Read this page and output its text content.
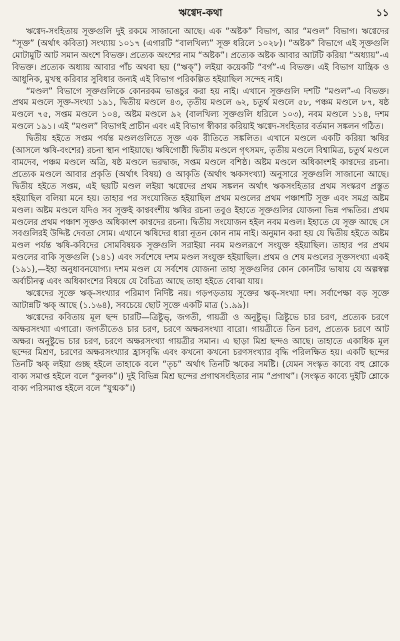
ঋগ্বেদ-কথা	১১

ঋগ্বেদ-সংহিতায় সূক্তগুলি দুই রকমে সাজানো আছে। এক “অষ্টক” বিভাগ, আর “মণ্ডল” বিভাগ। ঋগ্বেদের “সূক্ত” (অর্থাৎ কবিতা) সংখ্যায় ১০১৭ (এগারটি “বালখিল্য” সূক্ত ধরিলে ১০২৮)। “অষ্টক” বিভাগে এই সূক্তগুলি মোটামুটি আট সমান অংশে বিভক্ত। প্রত্যেক অংশের নাম “অষ্টক”। প্রত্যেক অষ্টক আবার আটটি করিয়া “অধ্যায়”-এ বিভক্ত। প্রত্যেক অধ্যায় আবার পাঁচ অথবা ছয় (“ঋক্”) লইয়া কয়েকটি “বর্গ”-এ বিভক্ত। এই বিভাগ যান্ত্রিক ও আধুনিক, মুখস্থ করিবার সুবিধার জন্যই এই বিভাগ পরিকল্পিত হইয়াছিল সন্দেহ নাই।

“মণ্ডল” বিভাগে সূক্তগুলিকে কোনরকম ভাঙচুর করা হয় নাই। এখানে সূক্তগুলি দশটি “মণ্ডল”-এ বিভক্ত। প্রথম মণ্ডলে সূক্ত-সংখ্যা ১৯১, দ্বিতীয় মণ্ডলে ৪৩, তৃতীয় মণ্ডলে ৬২, চতুর্থ মণ্ডলে ৫৮, পঞ্চম মণ্ডলে ৮৭, ষষ্ঠ মণ্ডলে ৭৫, সপ্তম মণ্ডলে ১০৪, অষ্টম মণ্ডলে ৯২ (বালখিল্য সূক্তগুলি ধরিলে ১০৩), নবম মণ্ডলে ১১৪, দশম মণ্ডলে ১৯১। এই “মণ্ডল” বিভাগই প্রাচীন এবং এই বিভাগ স্বীকার করিয়াই ঋগ্বেদ-সংহিতার বর্তমান সঙ্কলন গঠিত।

দ্বিতীয় হইতে সপ্তম পর্যন্ত মণ্ডলগুলিতে সূক্ত এক রীতিতে সঙ্কলিত। এখানে মণ্ডলে একটি করিয়া ঋষির (আসলে ঋষি-বংশের) রচনা স্থান পাইয়াছে। ঋষিগোষ্ঠী দ্বিতীয় মণ্ডলে গৃৎসমদ, তৃতীয় মণ্ডলে বিশ্বামিত্র, চতুর্থ মণ্ডলে বামদেব, পঞ্চম মণ্ডলে অত্রি, ষষ্ঠ মণ্ডলে ভরদ্বাজ, সপ্তম মণ্ডলে বশিষ্ঠ। অষ্টম মণ্ডলে অধিকাংশই কাণ্বদের রচনা। প্রত্যেক মণ্ডলে আবার প্রকৃতি (অর্থাৎ বিষয়) ও আকৃতি (অর্থাৎ ঋকসংখ্যা) অনুসারে সূক্তগুলি সাজানো আছে। দ্বিতীয় হইতে সপ্তম, এই ছয়টি মণ্ডল লইয়া ঋগ্বেদের প্রথম সঙ্কলন অর্থাৎ ঋকসংহিতার প্রথম সংস্করণ প্রস্তুত হইয়াছিল বলিয়া মনে হয়। তাহার পর সংযোজিত হইয়াছিল প্রথম মণ্ডলের প্রথম পঞ্চাশটি সূক্ত এবং সমগ্র অষ্টম মণ্ডল। অষ্টম মণ্ডলে যদিও সব সূক্তই কাণ্ববংশীয় ঋষির রচনা তবুও ইহাতে সূক্তগুলির যোজনা ভিন্ন পদ্ধতির। প্রথম মণ্ডলের প্রথম পঞ্চাশ সূক্তও অধিকাংশ কাণ্বদের রচনা। দ্বিতীয় সংযোজন হইল নবম মণ্ডল। ইহাতে যে সূক্ত আছে সে সবগুলিরই উদ্দিষ্ট দেবতা সোম। এখানে ঋষিদের ধারা নূতন কোন নাম নাই। অনুমান করা হয় যে দ্বিতীয় হইতে অষ্টম মণ্ডল পর্যন্ত ঋষি-কবিদের সোমবিষয়ক সূক্তগুলি সরাইয়া নবম মণ্ডলরূপে সংযুক্ত হইয়াছিল। তাহার পর প্রথম মণ্ডলের বাকি সূক্তগুলি (১৪১) এবং সর্বশেষে দশম মণ্ডল সংযুক্ত হইয়াছিল। প্রথম ও শেষ মণ্ডলের সূক্তসংখ্যা একই (১৯১),—ইহা অনুধাবনযোগ্য। দশম মণ্ডল যে সর্বশেষ যোজনা তাহা সূক্তগুলির কোন কোনটির ভাষায় যে অল্পস্বল্প অর্বাচীনত্ব এবং অধিকাংশের বিষয়ে যে বৈচিত্র্য আছে তাহা হইতে বোঝা যায়।

ঋগ্বেদের সূক্তে ঋক্-সংখ্যার পরিমাণ নির্দিষ্ট নয়। গড়পড়তায় সূক্তের ঋক্-সংখ্যা দশ। সর্বাপেক্ষা বড় সূক্তে আটান্নটি ঋক্ আছে (১.১৬৪), সবচেয়ে ছোট সূক্তে একটি মাত্র (১.৯৯)।

ঋগ্বেদের কবিতায় মূল ছন্দ চারটি—ত্রিষ্টুভ্, জগতী, গায়ত্রী ও অনুষ্টুভ্। ত্রিষ্টুভে চার চরণ, প্রত্যেক চরণে অক্ষরসংখ্যা এগারো। জগতীতেও চার চরণ, চরণে অক্ষরসংখ্যা বারো। গায়ত্রীতে তিন চরণ, প্রত্যেক চরণে আট অক্ষর। অনুষ্টুভে চার চরণ, চরণে অক্ষরসংখ্যা গায়ত্রীর সমান। এ ছাড়া মিশ্র ছন্দও আছে। তাহাতে একাধিক মূল ছন্দের মিশ্রণ, চরণের অক্ষরসংখ্যার হ্রাসবৃদ্ধি এবং কখনো কখনো চরণসংখ্যার বৃদ্ধি পরিলক্ষিত হয়। একটি ছন্দের তিনটি ঋক্ লইয়া গুচ্ছ হইলে তাহাকে বলে “তৃচ” অর্থাৎ তিনটি ঋকের সমষ্টি। (যেমন সংস্কৃত কাব্যে বহু শ্লোকে বাক্য সমাপ্ত হইলে বলে “কুলক”।) দুই বিভিন্ন মিশ্র ছন্দের প্রগাথসংহিতার নাম “প্রগাথ”। (সংস্কৃত কাব্যে দুইটি শ্লোকে বাক্য পরিসমাপ্ত হইলে বলে “যুগ্মক”।)
